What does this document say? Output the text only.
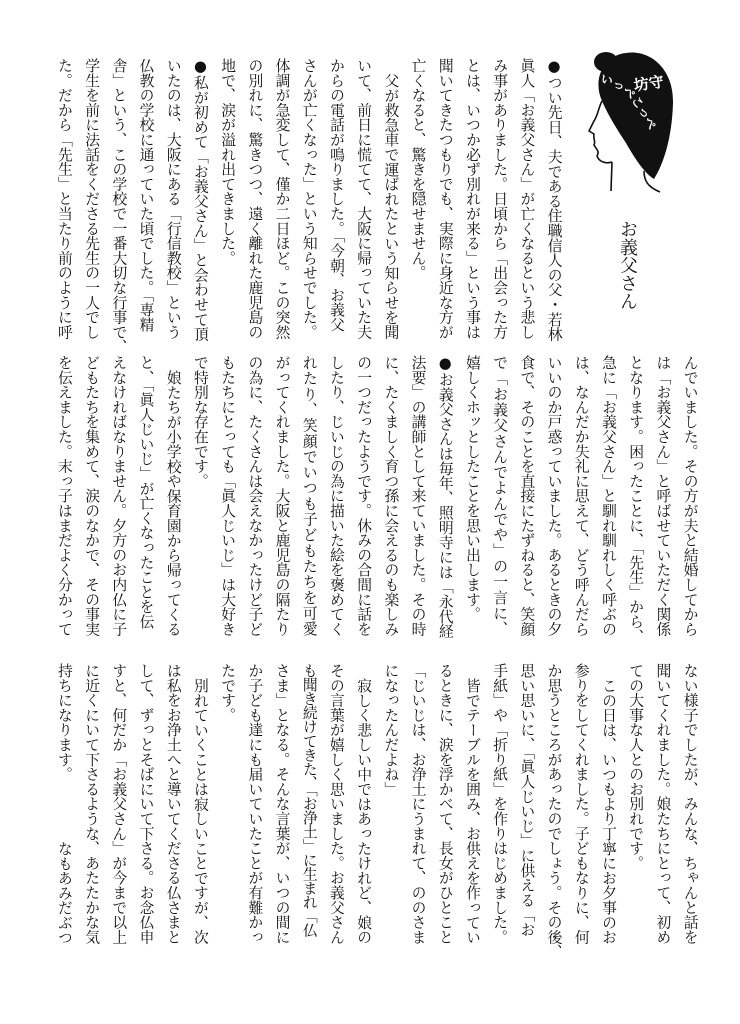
坊守
いっぺこっぺ
お義父さん
●つい先日、夫である住職信人の父・若林
眞人「お義父さん」が亡くなるという悲し
み事がありました。日頃から「出会った方
とは、いつか必ず別れが来る」という事は
聞いてきたつもりでも、実際に身近な方が
亡くなると、驚きを隠せません。
父が救急車で運ばれたという知らせを聞
いて、前日に慌てて、大阪に帰っていた夫
からの電話が鳴りました。「今朝、お義父
さんが亡くなった」という知らせでした。
体調が急変して、僅か二日ほど。この突然
の別れに、驚きつつ、遠く離れた鹿児島の
地で、涙が溢れ出てきました。
●私が初めて「お義父さん」と会わせて頂
いたのは、大阪にある「行信教校」という
仏教の学校に通っていた頃でした。「専精
舎」という、この学校で一番大切な行事で、
学生を前に法話をくださる先生の一人でし
た。だから「先生」と当たり前のように呼
んでいました。その方が夫と結婚してから
は「お義父さん」と呼ばせていただく関係
となります。困ったことに、「先生」から、
急に「お義父さん」と馴れ馴れしく呼ぶの
は、なんだか失礼に思えて、どう呼んだら
いいのか戸惑っていました。あるときの夕
食で、そのことを直接にたずねると、笑顔
で「お義父さんでよんでや」の一言に、
嬉しくホッとしたことを思い出します。
●お義父さんは毎年、照明寺には「永代経
法要」の講師として来ていました。その時
に、たくましく育つ孫に会えるのも楽しみ
の一つだったようです。休みの合間に話を
したり、じいじの為に描いた絵を褒めてく
れたり、笑顔でいつも子どもたちを可愛
がってくれました。大阪と鹿児島の隔たり
の為に、たくさんは会えなかったけど子ど
もたちにとっても「眞人じいじ」は大好き
で特別な存在です。
娘たちが小学校や保育園から帰ってくる
と、「眞人じいじ」が亡くなったことを伝
えなければなりません。夕方のお内仏に子
どもたちを集めて、涙のなかで、その事実
を伝えました。末っ子はまだよく分かって
ない様子でしたが、みんな、ちゃんと話を
聞いてくれました。娘たちにとって、初め
ての大事な人とのお別れです。
この日は、いつもより丁寧にお夕事のお
参りをしてくれました。子どもなりに、何
か思うところがあったのでしょう。その後、
思い思いに、「眞人じいじ」に供える「お
手紙」や「折り紙」を作りはじめました。
皆でテーブルを囲み、お供えを作ってい
るときに、涙を浮かべて、長女がひとこと
「じいじは、お浄土にうまれて、ののさま
になったんだよね」
寂しく悲しい中ではあったけれど、娘の
その言葉が嬉しく思いました。お義父さん
も聞き続けてきた、「お浄土」に生まれ「仏
さま」となる。そんな言葉が、いつの間に
か子ども達にも届いていたことが有難かっ
たです。
別れていくことは寂しいことですが、次
は私をお浄土へと導いてくださる仏さまと
して、ずっとそばにいて下さる。お念仏申
すと、何だか「お義父さん」が今まで以上
に近くにいて下さるような、あたたかな気
持ちになります。
なもあみだぶつ
